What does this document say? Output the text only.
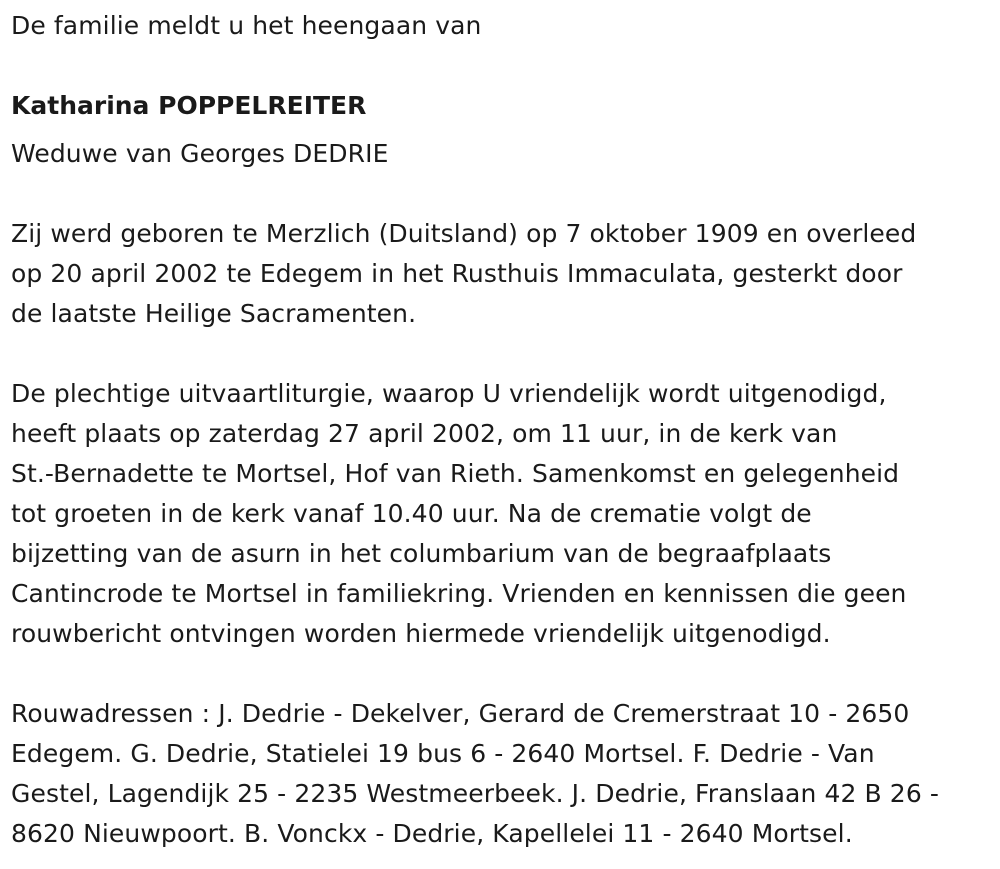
De familie meldt u het heengaan van

Katharina POPPELREITER

Weduwe van Georges DEDRIE

Zij werd geboren te Merzlich (Duitsland) op 7 oktober 1909 en overleed

op 20 april 2002 te Edegem in het Rusthuis Immaculata, gesterkt door

de laatste Heilige Sacramenten.

De plechtige uitvaartliturgie, waarop U vriendelijk wordt uitgenodigd,

heeft plaats op zaterdag 27 april 2002, om 11 uur, in de kerk van

St.-Bernadette te Mortsel, Hof van Rieth. Samenkomst en gelegenheid

tot groeten in de kerk vanaf 10.40 uur. Na de crematie volgt de

bijzetting van de asurn in het columbarium van de begraafplaats

Cantincrode te Mortsel in familiekring. Vrienden en kennissen die geen

rouwbericht ontvingen worden hiermede vriendelijk uitgenodigd.

Rouwadressen : J. Dedrie - Dekelver, Gerard de Cremerstraat 10 - 2650

Edegem. G. Dedrie, Statielei 19 bus 6 - 2640 Mortsel. F. Dedrie - Van

Gestel, Lagendijk 25 - 2235 Westmeerbeek. J. Dedrie, Franslaan 42 B 26 -

8620 Nieuwpoort. B. Vonckx - Dedrie, Kapellelei 11 - 2640 Mortsel.
